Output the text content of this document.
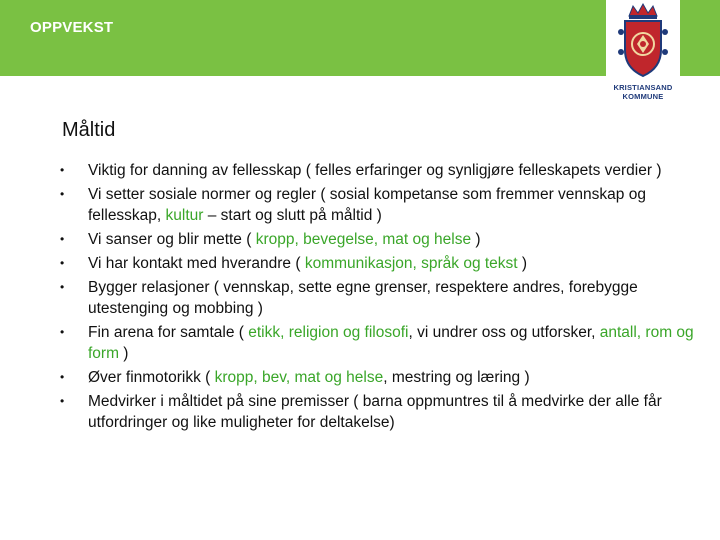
OPPVEKST
KRISTIANSAND
KOMMUNE
Måltid
• Viktig for danning av fellesskap ( felles erfaringer og synligjøre felleskapets verdier )
• Vi setter sosiale normer og regler ( sosial kompetanse som fremmer vennskap og fellesskap, kultur – start og slutt på måltid )
• Vi sanser og blir mette ( kropp, bevegelse, mat og helse )
• Vi har kontakt med hverandre ( kommunikasjon, språk og tekst )
• Bygger relasjoner ( vennskap, sette egne grenser, respektere andres, forebygge utestenging og mobbing )
• Fin arena for samtale ( etikk, religion og filosofi, vi undrer oss og utforsker, antall, rom og form )
• Øver finmotorikk ( kropp, bev, mat og helse, mestring og læring )
• Medvirker i måltidet på sine premisser ( barna oppmuntres til å medvirke der alle får utfordringer og like muligheter for deltakelse)
